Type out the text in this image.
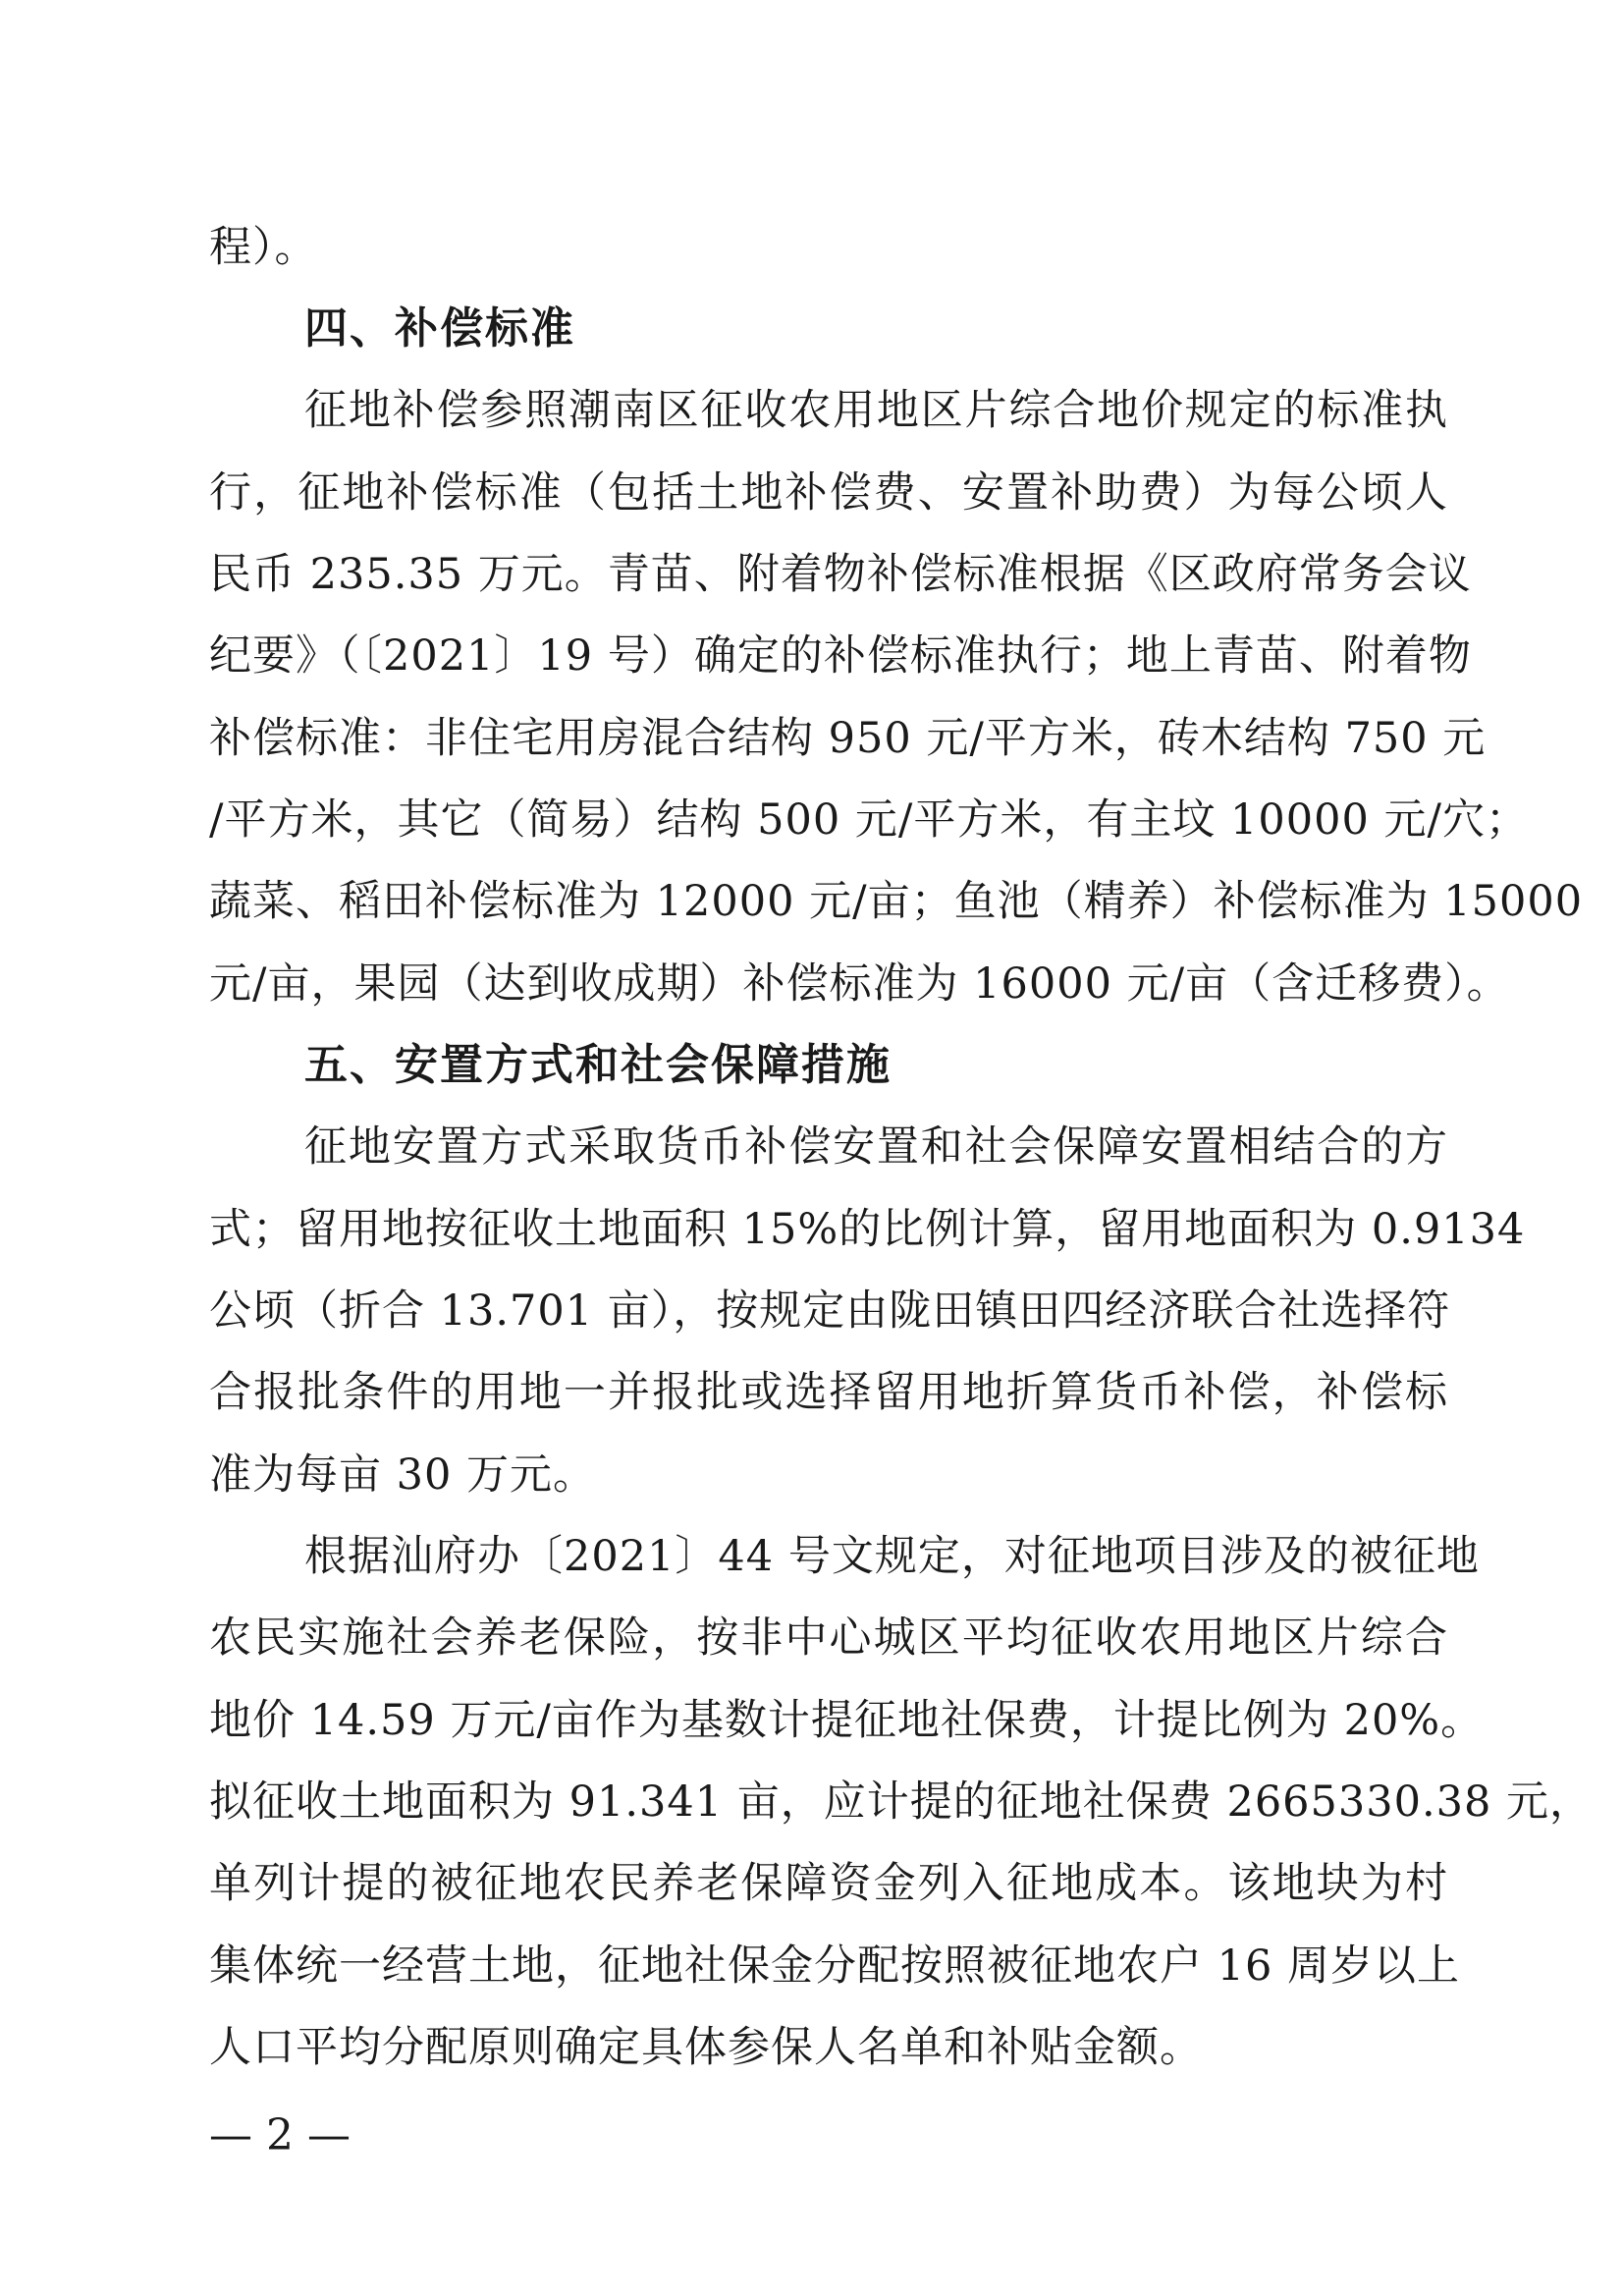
程）。
四、补偿标准
征地补偿参照潮南区征收农用地区片综合地价规定的标准执
行，征地补偿标准（包括土地补偿费、安置补助费）为每公顷人
民币 235.35 万元。青苗、附着物补偿标准根据《区政府常务会议
纪要》（〔2021〕19 号）确定的补偿标准执行；地上青苗、附着物
补偿标准：非住宅用房混合结构 950 元/平方米，砖木结构 750 元
/平方米，其它（简易）结构 500 元/平方米，有主坟 10000 元/穴；
蔬菜、稻田补偿标准为 12000 元/亩；鱼池（精养）补偿标准为 15000
元/亩，果园（达到收成期）补偿标准为 16000 元/亩（含迁移费）。
五、安置方式和社会保障措施
征地安置方式采取货币补偿安置和社会保障安置相结合的方
式；留用地按征收土地面积 15%的比例计算，留用地面积为 0.9134
公顷（折合 13.701 亩），按规定由陇田镇田四经济联合社选择符
合报批条件的用地一并报批或选择留用地折算货币补偿，补偿标
准为每亩 30 万元。
根据汕府办〔2021〕44 号文规定，对征地项目涉及的被征地
农民实施社会养老保险，按非中心城区平均征收农用地区片综合
地价 14.59 万元/亩作为基数计提征地社保费，计提比例为 20%。
拟征收土地面积为 91.341 亩，应计提的征地社保费 2665330.38 元，
单列计提的被征地农民养老保障资金列入征地成本。该地块为村
集体统一经营土地，征地社保金分配按照被征地农户 16 周岁以上
人口平均分配原则确定具体参保人名单和补贴金额。
— 2 —
